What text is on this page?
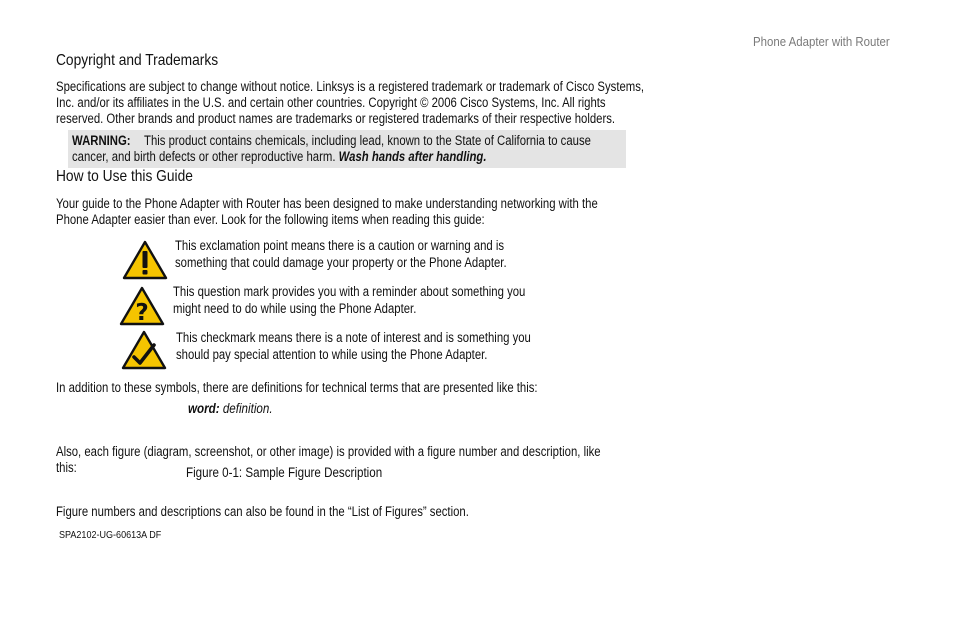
Phone Adapter with Router
Copyright and Trademarks
Specifications are subject to change without notice. Linksys is a registered trademark or trademark of Cisco Systems,
Inc. and/or its affiliates in the U.S. and certain other countries. Copyright © 2006 Cisco Systems, Inc. All rights
reserved. Other brands and product names are trademarks or registered trademarks of their respective holders.
WARNING: This product contains chemicals, including lead, known to the State of California to cause
cancer, and birth defects or other reproductive harm. Wash hands after handling.
How to Use this Guide
Your guide to the Phone Adapter with Router has been designed to make understanding networking with the
Phone Adapter easier than ever. Look for the following items when reading this guide:
This exclamation point means there is a caution or warning and is
something that could damage your property or the Phone Adapter.
?
This question mark provides you with a reminder about something you
might need to do while using the Phone Adapter.
This checkmark means there is a note of interest and is something you
should pay special attention to while using the Phone Adapter.
In addition to these symbols, there are definitions for technical terms that are presented like this:
word: definition.
Also, each figure (diagram, screenshot, or other image) is provided with a figure number and description, like
this:	Figure 0-1: Sample Figure Description
Figure numbers and descriptions can also be found in the “List of Figures” section.
SPA2102-UG-60613A DF
